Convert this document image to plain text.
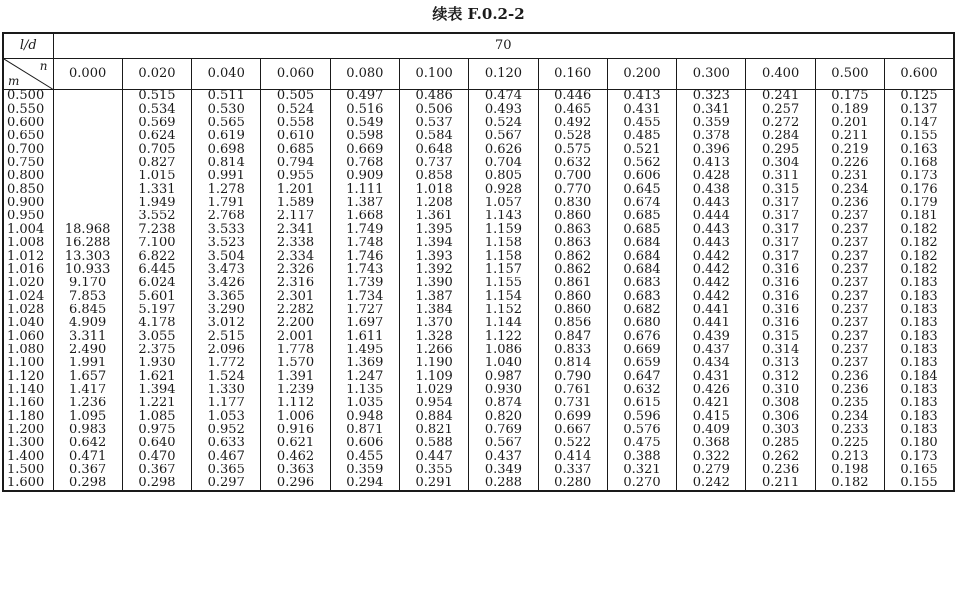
续表 F.0.2-2
l/d	70												

n
m	0.000	0.020	0.040	0.060	0.080	0.100	0.120	0.160	0.200	0.300	0.400	0.500	0.600
0.500		0.515	0.511	0.505	0.497	0.486	0.474	0.446	0.413	0.323	0.241	0.175	0.125
0.550		0.534	0.530	0.524	0.516	0.506	0.493	0.465	0.431	0.341	0.257	0.189	0.137
0.600		0.569	0.565	0.558	0.549	0.537	0.524	0.492	0.455	0.359	0.272	0.201	0.147
0.650		0.624	0.619	0.610	0.598	0.584	0.567	0.528	0.485	0.378	0.284	0.211	0.155
0.700		0.705	0.698	0.685	0.669	0.648	0.626	0.575	0.521	0.396	0.295	0.219	0.163
0.750		0.827	0.814	0.794	0.768	0.737	0.704	0.632	0.562	0.413	0.304	0.226	0.168
0.800		1.015	0.991	0.955	0.909	0.858	0.805	0.700	0.606	0.428	0.311	0.231	0.173
0.850		1.331	1.278	1.201	1.111	1.018	0.928	0.770	0.645	0.438	0.315	0.234	0.176
0.900		1.949	1.791	1.589	1.387	1.208	1.057	0.830	0.674	0.443	0.317	0.236	0.179
0.950		3.552	2.768	2.117	1.668	1.361	1.143	0.860	0.685	0.444	0.317	0.237	0.181
1.004	18.968	7.238	3.533	2.341	1.749	1.395	1.159	0.863	0.685	0.443	0.317	0.237	0.182
1.008	16.288	7.100	3.523	2.338	1.748	1.394	1.158	0.863	0.684	0.443	0.317	0.237	0.182
1.012	13.303	6.822	3.504	2.334	1.746	1.393	1.158	0.862	0.684	0.442	0.317	0.237	0.182
1.016	10.933	6.445	3.473	2.326	1.743	1.392	1.157	0.862	0.684	0.442	0.316	0.237	0.182
1.020	9.170	6.024	3.426	2.316	1.739	1.390	1.155	0.861	0.683	0.442	0.316	0.237	0.183
1.024	7.853	5.601	3.365	2.301	1.734	1.387	1.154	0.860	0.683	0.442	0.316	0.237	0.183
1.028	6.845	5.197	3.290	2.282	1.727	1.384	1.152	0.860	0.682	0.441	0.316	0.237	0.183
1.040	4.909	4.178	3.012	2.200	1.697	1.370	1.144	0.856	0.680	0.441	0.316	0.237	0.183
1.060	3.311	3.055	2.515	2.001	1.611	1.328	1.122	0.847	0.676	0.439	0.315	0.237	0.183
1.080	2.490	2.375	2.096	1.778	1.495	1.266	1.086	0.833	0.669	0.437	0.314	0.237	0.183
1.100	1.991	1.930	1.772	1.570	1.369	1.190	1.040	0.814	0.659	0.434	0.313	0.237	0.183
1.120	1.657	1.621	1.524	1.391	1.247	1.109	0.987	0.790	0.647	0.431	0.312	0.236	0.184
1.140	1.417	1.394	1.330	1.239	1.135	1.029	0.930	0.761	0.632	0.426	0.310	0.236	0.183
1.160	1.236	1.221	1.177	1.112	1.035	0.954	0.874	0.731	0.615	0.421	0.308	0.235	0.183
1.180	1.095	1.085	1.053	1.006	0.948	0.884	0.820	0.699	0.596	0.415	0.306	0.234	0.183
1.200	0.983	0.975	0.952	0.916	0.871	0.821	0.769	0.667	0.576	0.409	0.303	0.233	0.183
1.300	0.642	0.640	0.633	0.621	0.606	0.588	0.567	0.522	0.475	0.368	0.285	0.225	0.180
1.400	0.471	0.470	0.467	0.462	0.455	0.447	0.437	0.414	0.388	0.322	0.262	0.213	0.173
1.500	0.367	0.367	0.365	0.363	0.359	0.355	0.349	0.337	0.321	0.279	0.236	0.198	0.165
1.600	0.298	0.298	0.297	0.296	0.294	0.291	0.288	0.280	0.270	0.242	0.211	0.182	0.155
